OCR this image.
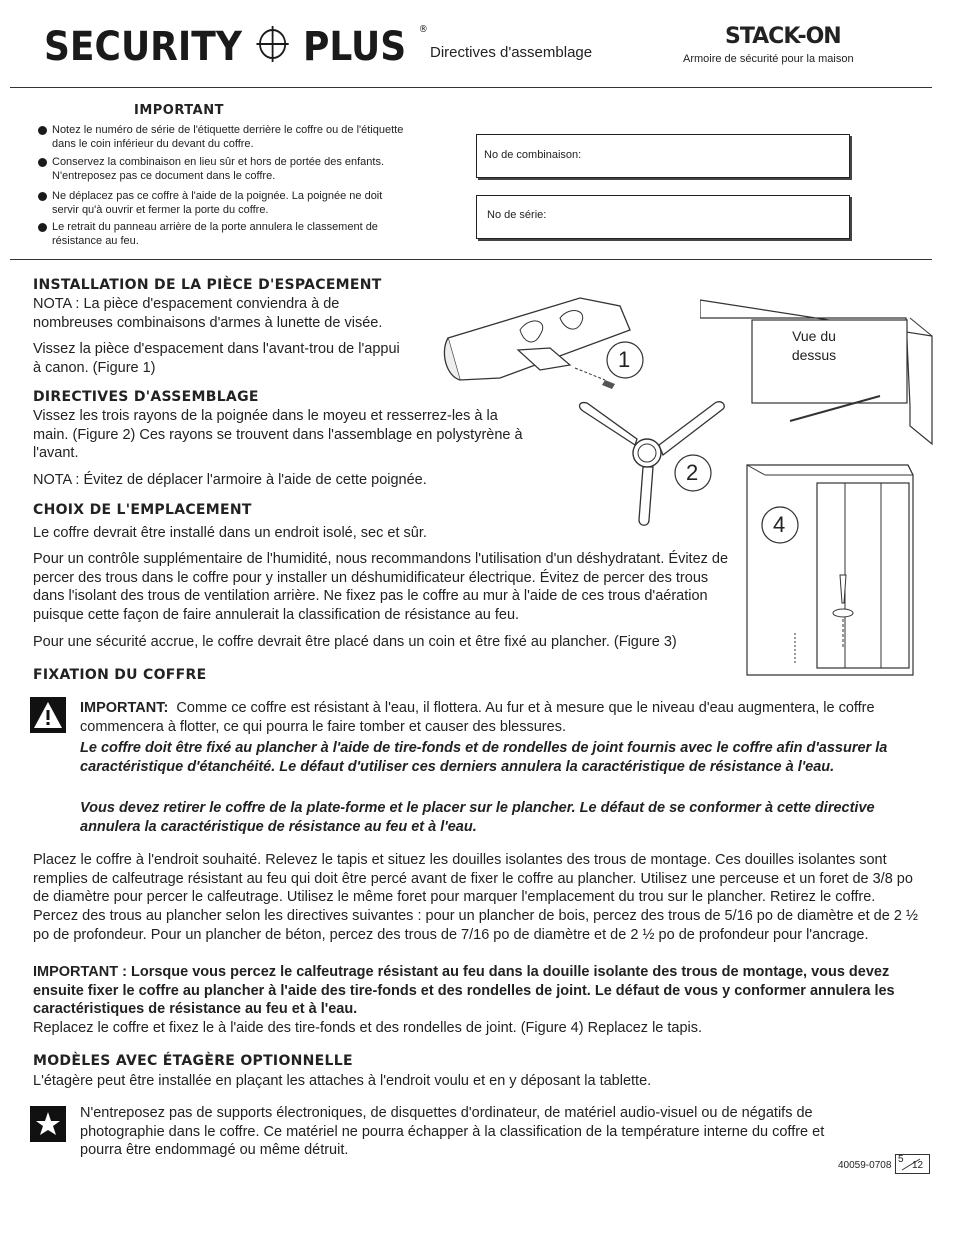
SECURITY PLUS ®
Directives d'assemblage
STACK-ON
Armoire de sécurité pour la maison
IMPORTANT
Notez le numéro de série de l'étiquette derrière le coffre ou de l'étiquette dans le coin inférieur du devant du coffre.
Conservez la combinaison en lieu sûr et hors de portée des enfants. N'entreposez pas ce document dans le coffre.
Ne déplacez pas ce coffre à l'aide de la poignée. La poignée ne doit servir qu'à ouvrir et fermer la porte du coffre.
Le retrait du panneau arrière de la porte annulera le classement de résistance au feu.
No de combinaison:
No de série:
INSTALLATION DE LA PIÈCE D'ESPACEMENT
NOTA : La pièce d'espacement conviendra à de nombreuses combinaisons d'armes à lunette de visée.
Vissez la pièce d'espacement dans l'avant-trou de l'appui à canon. (Figure 1)
DIRECTIVES D'ASSEMBLAGE
Vissez les trois rayons de la poignée dans le moyeu et resserrez-les à la main. (Figure 2) Ces rayons se trouvent dans l'assemblage en polystyrène à l'avant.
NOTA : Évitez de déplacer l'armoire à l'aide de cette poignée.
CHOIX DE L'EMPLACEMENT
Le coffre devrait être installé dans un endroit isolé, sec et sûr.
Pour un contrôle supplémentaire de l'humidité, nous recommandons l'utilisation d'un déshydratant. Évitez de percer des trous dans le coffre pour y installer un déshumidificateur électrique. Évitez de percer des trous dans l'isolant des trous de ventilation arrière. Ne fixez pas le coffre au mur à l'aide de ces trous d'aération puisque cette façon de faire annulerait la classification de résistance au feu.
Pour une sécurité accrue, le coffre devrait être placé dans un coin et être fixé au plancher. (Figure 3)
FIXATION DU COFFRE
IMPORTANT: Comme ce coffre est résistant à l'eau, il flottera. Au fur et à mesure que le niveau d'eau augmentera, le coffre commencera à flotter, ce qui pourra le faire tomber et causer des blessures.
Le coffre doit être fixé au plancher à l'aide de tire-fonds et de rondelles de joint fournis avec le coffre afin d'assurer la caractéristique d'étanchéité. Le défaut d'utiliser ces derniers annulera la caractéristique de résistance à l'eau.
Vous devez retirer le coffre de la plate-forme et le placer sur le plancher. Le défaut de se conformer à cette directive annulera la caractéristique de résistance au feu et à l'eau.
Placez le coffre à l'endroit souhaité. Relevez le tapis et situez les douilles isolantes des trous de montage. Ces douilles isolantes sont remplies de calfeutrage résistant au feu qui doit être percé avant de fixer le coffre au plancher. Utilisez une perceuse et un foret de 3/8 po de diamètre pour percer le calfeutrage. Utilisez le même foret pour marquer l'emplacement du trou sur le plancher. Retirez le coffre. Percez des trous au plancher selon les directives suivantes : pour un plancher de bois, percez des trous de 5/16 po de diamètre et de 2 ½ po de profondeur. Pour un plancher de béton, percez des trous de 7/16 po de diamètre et de 2 ½ po de profondeur pour l'ancrage.
IMPORTANT : Lorsque vous percez le calfeutrage résistant au feu dans la douille isolante des trous de montage, vous devez ensuite fixer le coffre au plancher à l'aide des tire-fonds et des rondelles de joint. Le défaut de vous y conformer annulera les caractéristiques de résistance au feu et à l'eau.
Replacez le coffre et fixez le à l'aide des tire-fonds et des rondelles de joint. (Figure 4) Replacez le tapis.
MODÈLES AVEC ÉTAGÈRE OPTIONNELLE
L'étagère peut être installée en plaçant les attaches à l'endroit voulu et en y déposant la tablette.
N'entreposez pas de supports électroniques, de disquettes d'ordinateur, de matériel audio-visuel ou de négatifs de photographie dans le coffre. Ce matériel ne pourra échapper à la classification de la température interne du coffre et pourra être endommagé ou même détruit.
40059-0708
5
12
1
Vue du dessus
2
4
